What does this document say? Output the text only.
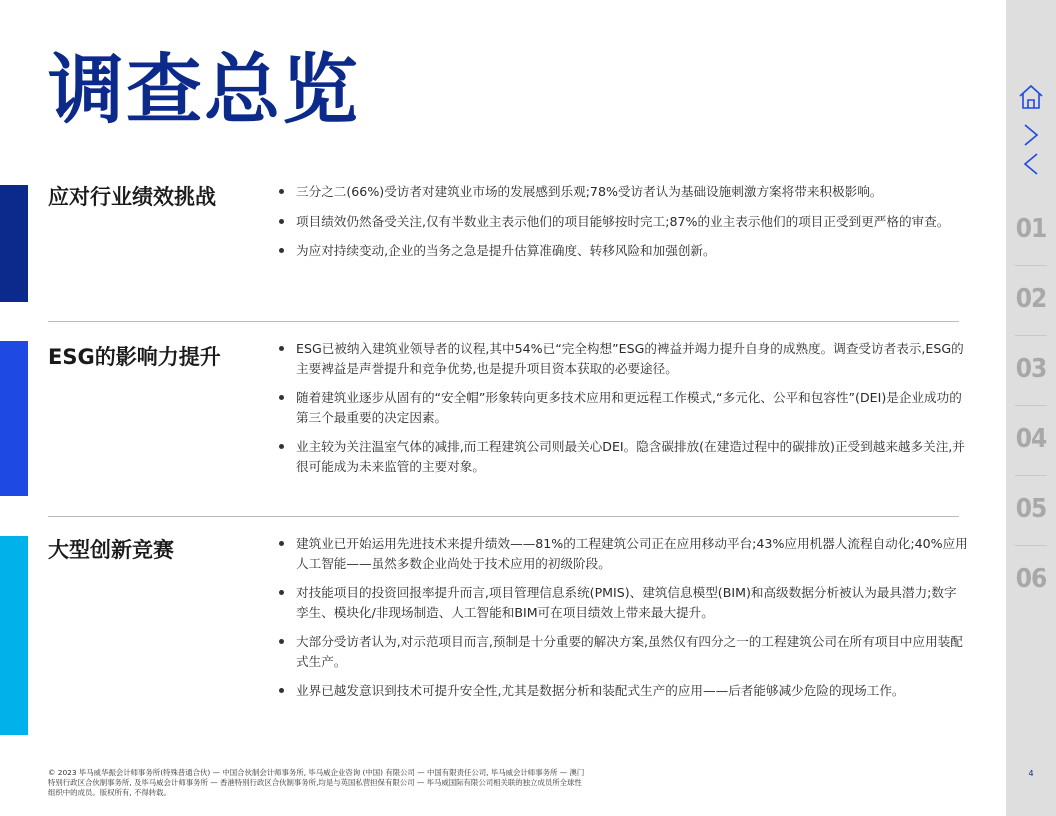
调查总览
应对行业绩效挑战	三分之二(66%)受访者对建筑业市场的发展感到乐观;78%受访者认为基础设施刺激方案将带来积极影响。
项目绩效仍然备受关注,仅有半数业主表示他们的项目能够按时完工;87%的业主表示他们的项目正受到更严格的审查。
为应对持续变动,企业的当务之急是提升估算准确度、转移风险和加强创新。
ESG的影响力提升	ESG已被纳入建筑业领导者的议程,其中54%已“完全构想”ESG的裨益并竭力提升自身的成熟度。调查受访者表示,ESG的主要裨益是声誉提升和竞争优势,也是提升项目资本获取的必要途径。
随着建筑业逐步从固有的“安全帽”形象转向更多技术应用和更远程工作模式,“多元化、公平和包容性”(DEI)是企业成功的第三个最重要的决定因素。
业主较为关注温室气体的减排,而工程建筑公司则最关心DEI。隐含碳排放(在建造过程中的碳排放)正受到越来越多关注,并很可能成为未来监管的主要对象。
大型创新竞赛	建筑业已开始运用先进技术来提升绩效——81%的工程建筑公司正在应用移动平台;43%应用机器人流程自动化;40%应用人工智能——虽然多数企业尚处于技术应用的初级阶段。
对技能项目的投资回报率提升而言,项目管理信息系统(PMIS)、建筑信息模型(BIM)和高级数据分析被认为最具潜力;数字孪生、模块化/非现场制造、人工智能和BIM可在项目绩效上带来最大提升。
大部分受访者认为,对示范项目而言,预制是十分重要的解决方案,虽然仅有四分之一的工程建筑公司在所有项目中应用装配式生产。
业界已越发意识到技术可提升安全性,尤其是数据分析和装配式生产的应用——后者能够减少危险的现场工作。
© 2023 毕马威华振会计师事务所(特殊普通合伙) — 中国合伙制会计师事务所, 毕马威企业咨询 (中国) 有限公司 — 中国有限责任公司, 毕马威会计师事务所 — 澳门特别行政区合伙制事务所, 及毕马威会计师事务所 — 香港特别行政区合伙制事务所,均是与英国私营担保有限公司 — 毕马威国际有限公司相关联的独立成员所全球性组织中的成员。版权所有, 不得转载。
01
02
03
04
05
06
4
